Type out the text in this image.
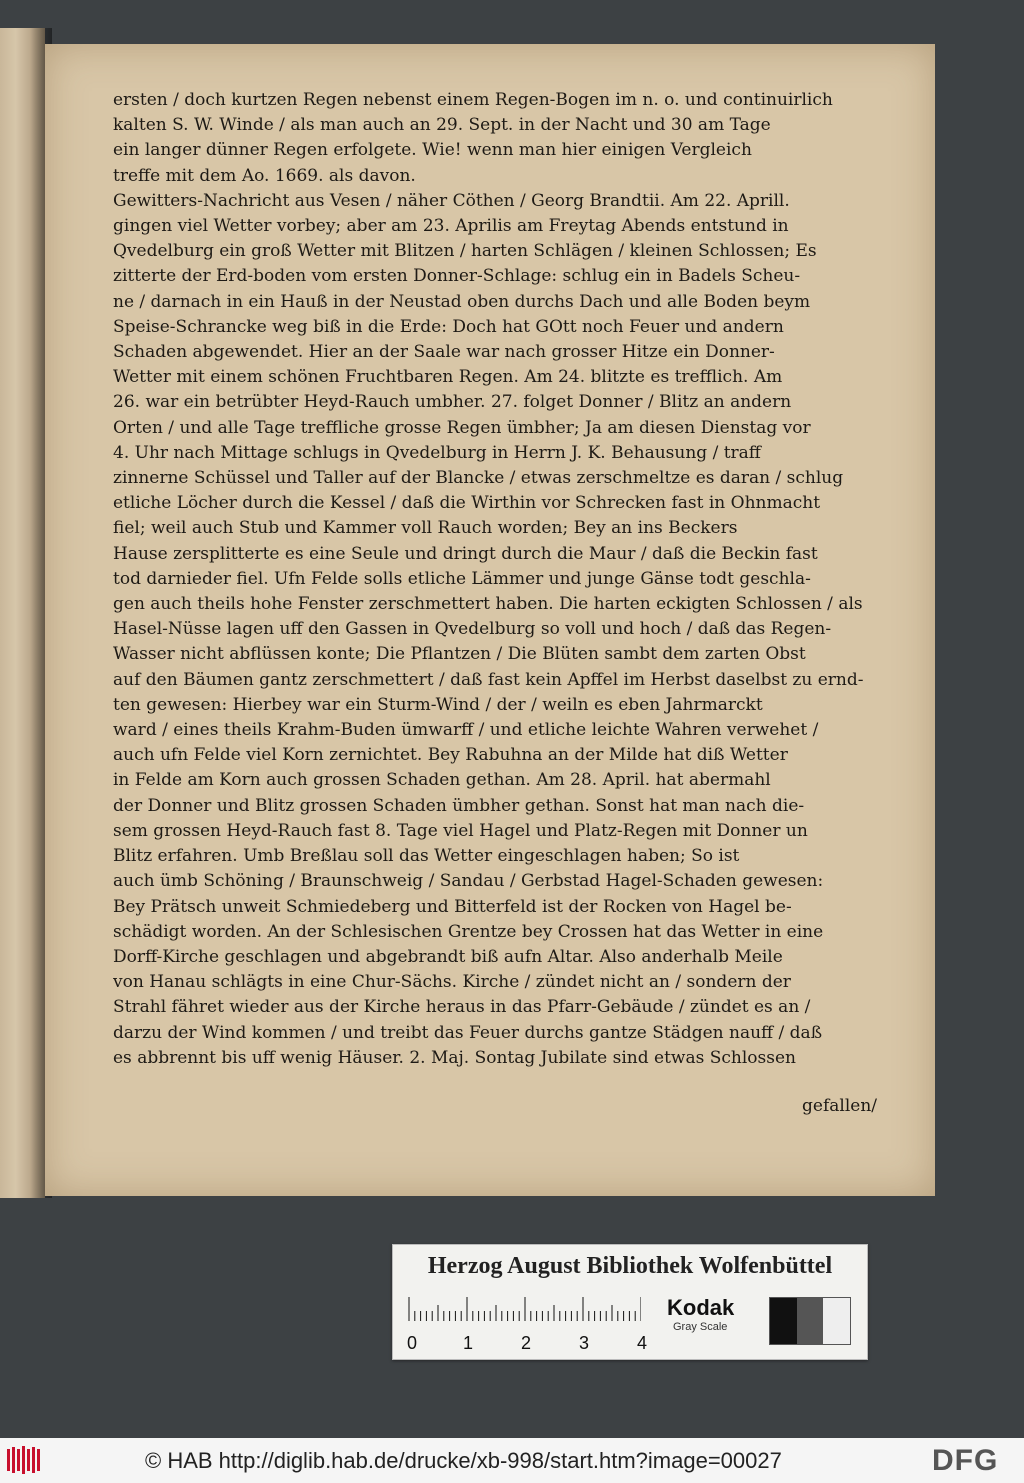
ersten / doch kurtzen Regen nebenst einem Regen-Bogen im n. o. und continuirlich
kalten S. W. Winde / als man auch an 29. Sept. in der Nacht und 30 am Tage
ein langer dünner Regen erfolgete. Wie! wenn man hier einigen Vergleich
treffe mit dem Ao. 1669. als davon.
Gewitters-Nachricht aus Vesen / näher Cöthen / Georg Brandtii. Am 22. Aprill.
gingen viel Wetter vorbey; aber am 23. Aprilis am Freytag Abends entstund in
Qvedelburg ein groß Wetter mit Blitzen / harten Schlägen / kleinen Schlossen; Es
zitterte der Erd-boden vom ersten Donner-Schlage: schlug ein in Badels Scheu-
ne / darnach in ein Hauß in der Neustad oben durchs Dach und alle Boden beym
Speise-Schrancke weg biß in die Erde: Doch hat GOtt noch Feuer und andern
Schaden abgewendet. Hier an der Saale war nach grosser Hitze ein Donner-
Wetter mit einem schönen Fruchtbaren Regen. Am 24. blitzte es trefflich. Am
26. war ein betrübter Heyd-Rauch umbher. 27. folget Donner / Blitz an andern
Orten / und alle Tage treffliche grosse Regen ümbher; Ja am diesen Dienstag vor
4. Uhr nach Mittage schlugs in Qvedelburg in Herrn J. K. Behausung / traff
zinnerne Schüssel und Taller auf der Blancke / etwas zerschmeltze es daran / schlug
etliche Löcher durch die Kessel / daß die Wirthin vor Schrecken fast in Ohnmacht
fiel; weil auch Stub und Kammer voll Rauch worden; Bey an ins Beckers
Hause zersplitterte es eine Seule und dringt durch die Maur / daß die Beckin fast
tod darnieder fiel. Ufn Felde solls etliche Lämmer und junge Gänse todt geschla-
gen auch theils hohe Fenster zerschmettert haben. Die harten eckigten Schlossen / als
Hasel-Nüsse lagen uff den Gassen in Qvedelburg so voll und hoch / daß das Regen-
Wasser nicht abflüssen konte; Die Pflantzen / Die Blüten sambt dem zarten Obst
auf den Bäumen gantz zerschmettert / daß fast kein Apffel im Herbst daselbst zu ernd-
ten gewesen: Hierbey war ein Sturm-Wind / der / weiln es eben Jahrmarckt
ward / eines theils Krahm-Buden ümwarff / und etliche leichte Wahren verwehet /
auch ufn Felde viel Korn zernichtet. Bey Rabuhna an der Milde hat diß Wetter
in Felde am Korn auch grossen Schaden gethan. Am 28. April. hat abermahl
der Donner und Blitz grossen Schaden ümbher gethan. Sonst hat man nach die-
sem grossen Heyd-Rauch fast 8. Tage viel Hagel und Platz-Regen mit Donner un
Blitz erfahren. Umb Breßlau soll das Wetter eingeschlagen haben; So ist
auch ümb Schöning / Braunschweig / Sandau / Gerbstad Hagel-Schaden gewesen:
Bey Prätsch unweit Schmiedeberg und Bitterfeld ist der Rocken von Hagel be-
schädigt worden. An der Schlesischen Grentze bey Crossen hat das Wetter in eine
Dorff-Kirche geschlagen und abgebrandt biß aufn Altar. Also anderhalb Meile
von Hanau schlägts in eine Chur-Sächs. Kirche / zündet nicht an / sondern der
Strahl fähret wieder aus der Kirche heraus in das Pfarr-Gebäude / zündet es an /
darzu der Wind kommen / und treibt das Feuer durchs gantze Städgen nauff / daß
es abbrennt bis uff wenig Häuser. 2. Maj. Sontag Jubilate sind etwas Schlossen
gefallen/
Herzog August Bibliothek Wolfenbüttel
0	1	2	3	4
Kodak
Gray Scale
© HAB http://diglib.hab.de/drucke/xb-998/start.htm?image=00027	DFG
